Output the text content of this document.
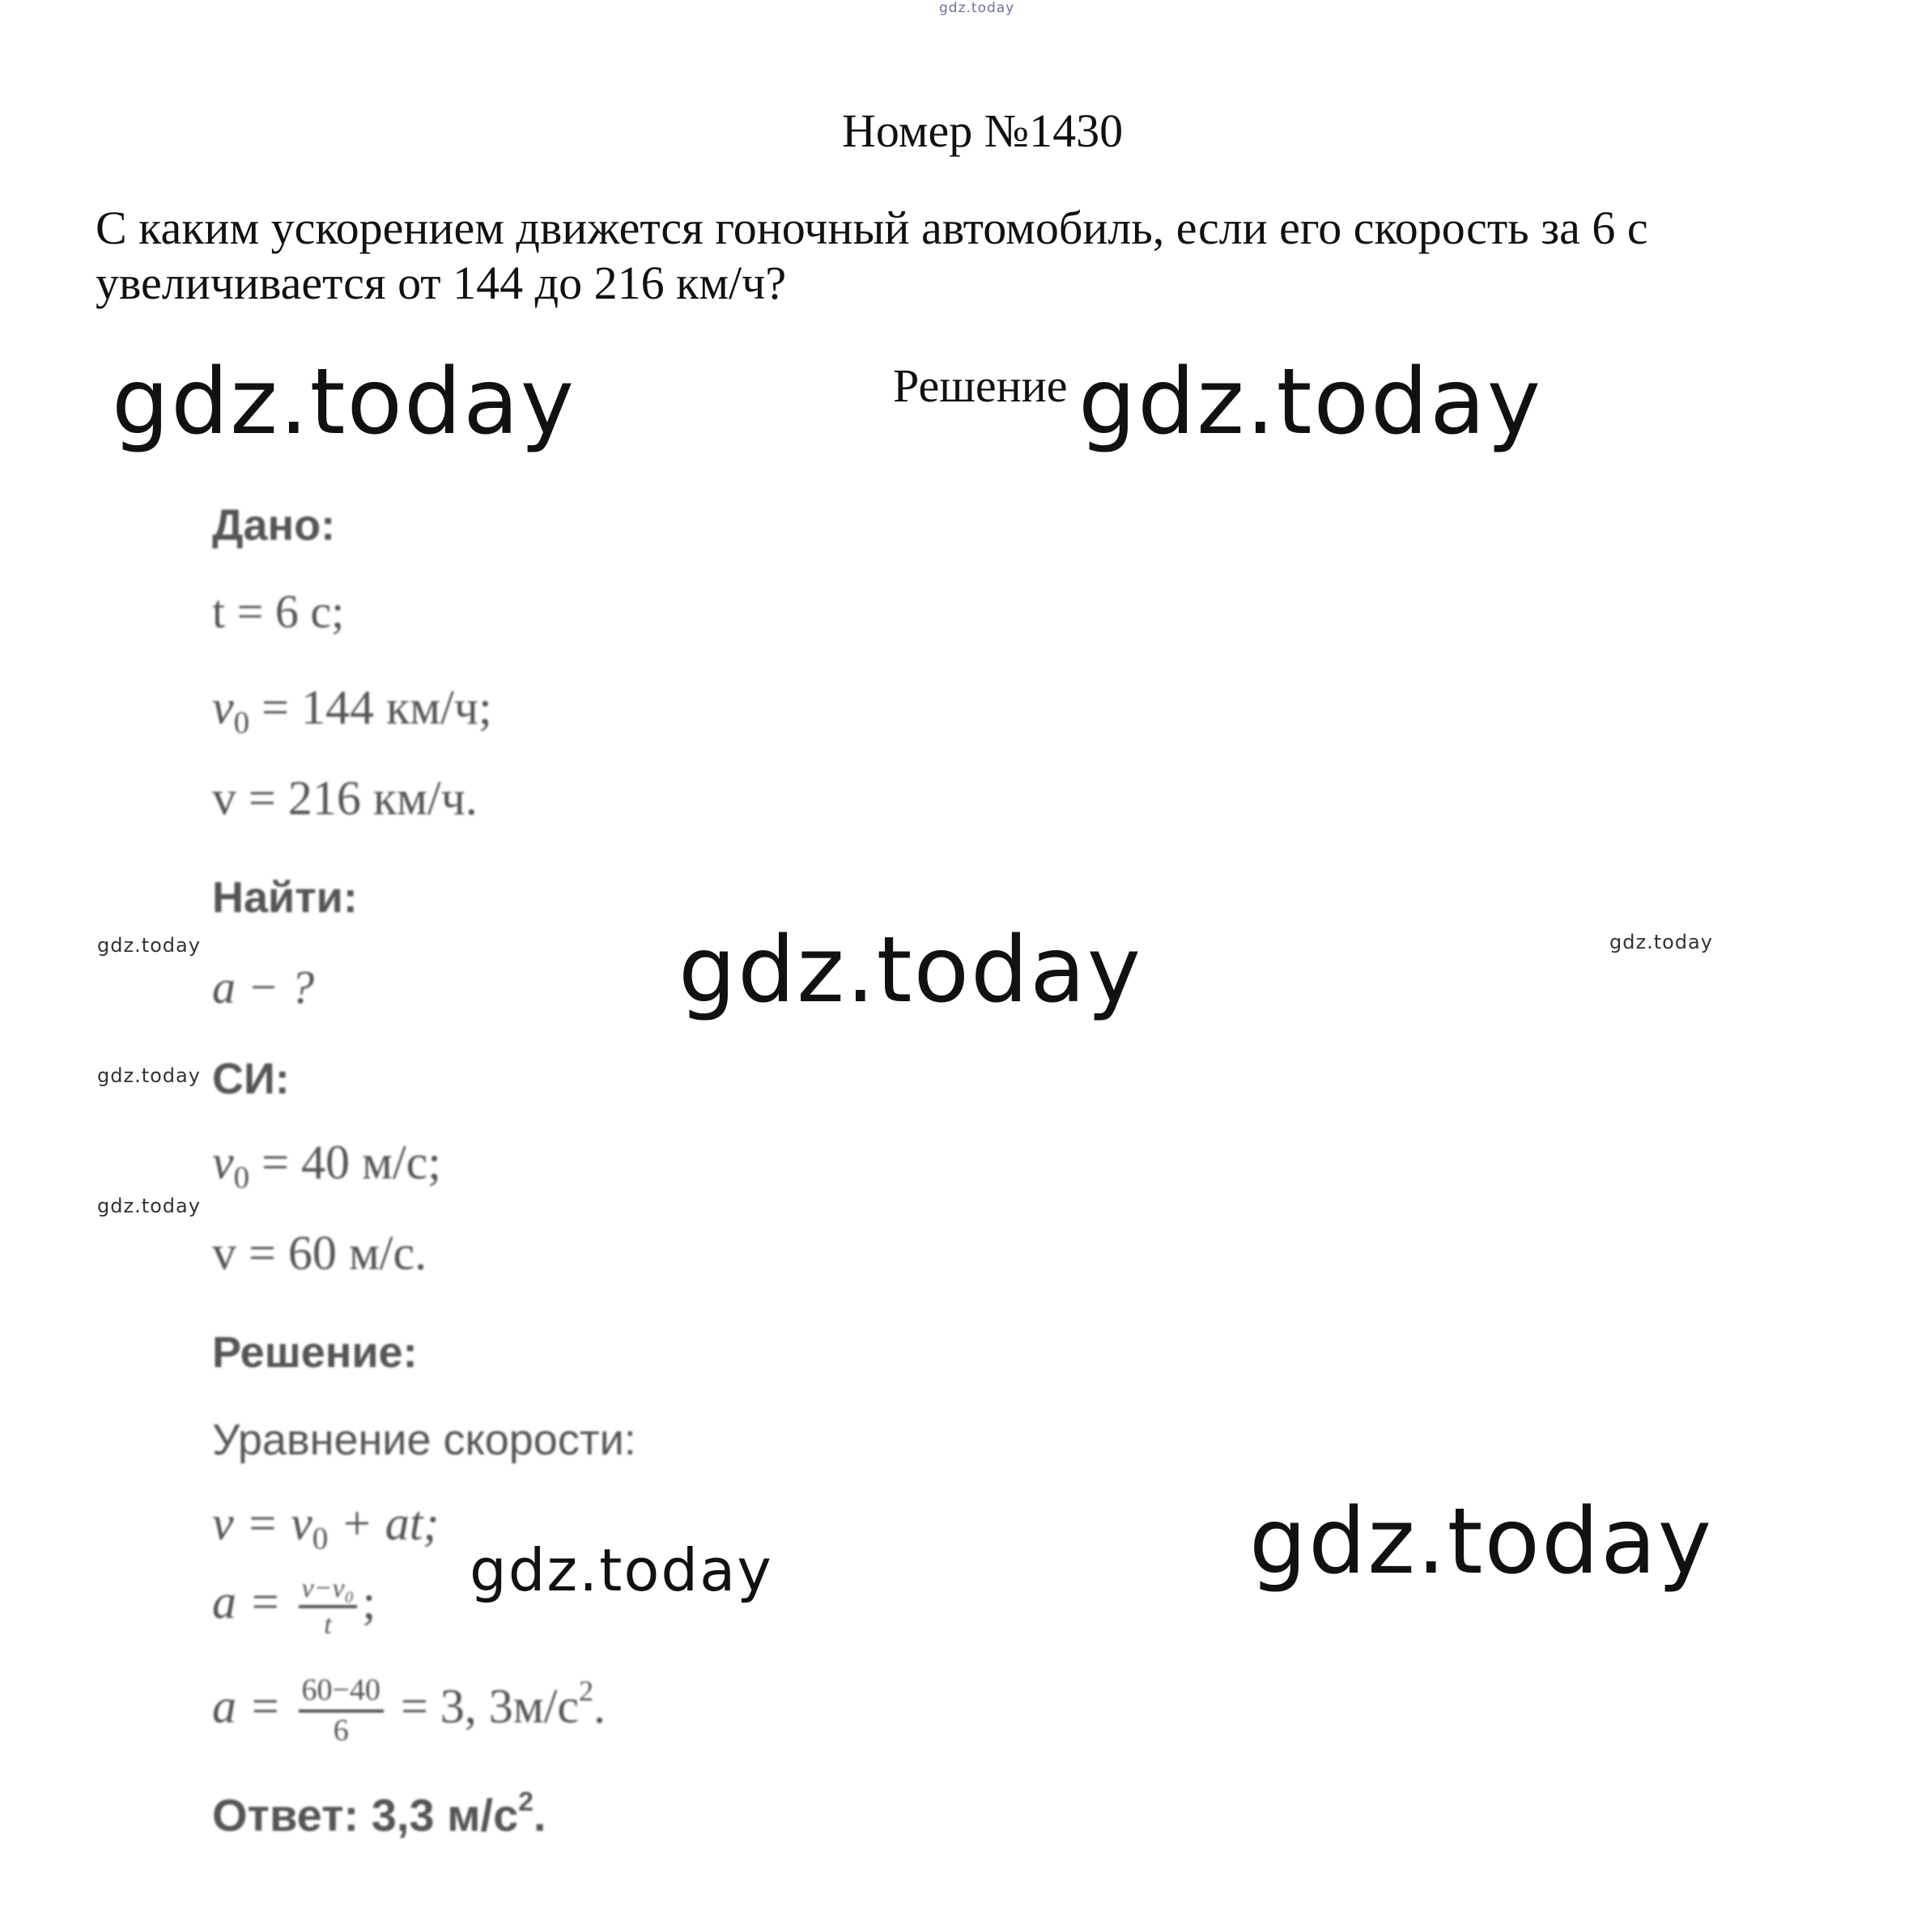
gdz.today
gdz.today	gdz.today
gdz.today
gdz.today
gdz.today
gdz.today	gdz.today
gdz.today
gdz.today
Номер №1430
С каким ускорением движется гоночный автомобиль, если его скорость за 6 с
увеличивается от 144 до 216 км/ч?
Решение
Дано:
t = 6 с;
$v_0 = 144$ км/ч;
v = 216 км/ч.
Найти:
a − ?
СИ:
$v_0 = 40$ м/с;
v = 60 м/с.
Решение:
Уравнение скорости:
$v = v_0$ + at;
$a = \frac{\text{v−v₀}}{t}$ ;
$a = \frac{60-40}{6} = 3$, $3м/с^2$.
Ответ: 3,3 $м/с^2$.
